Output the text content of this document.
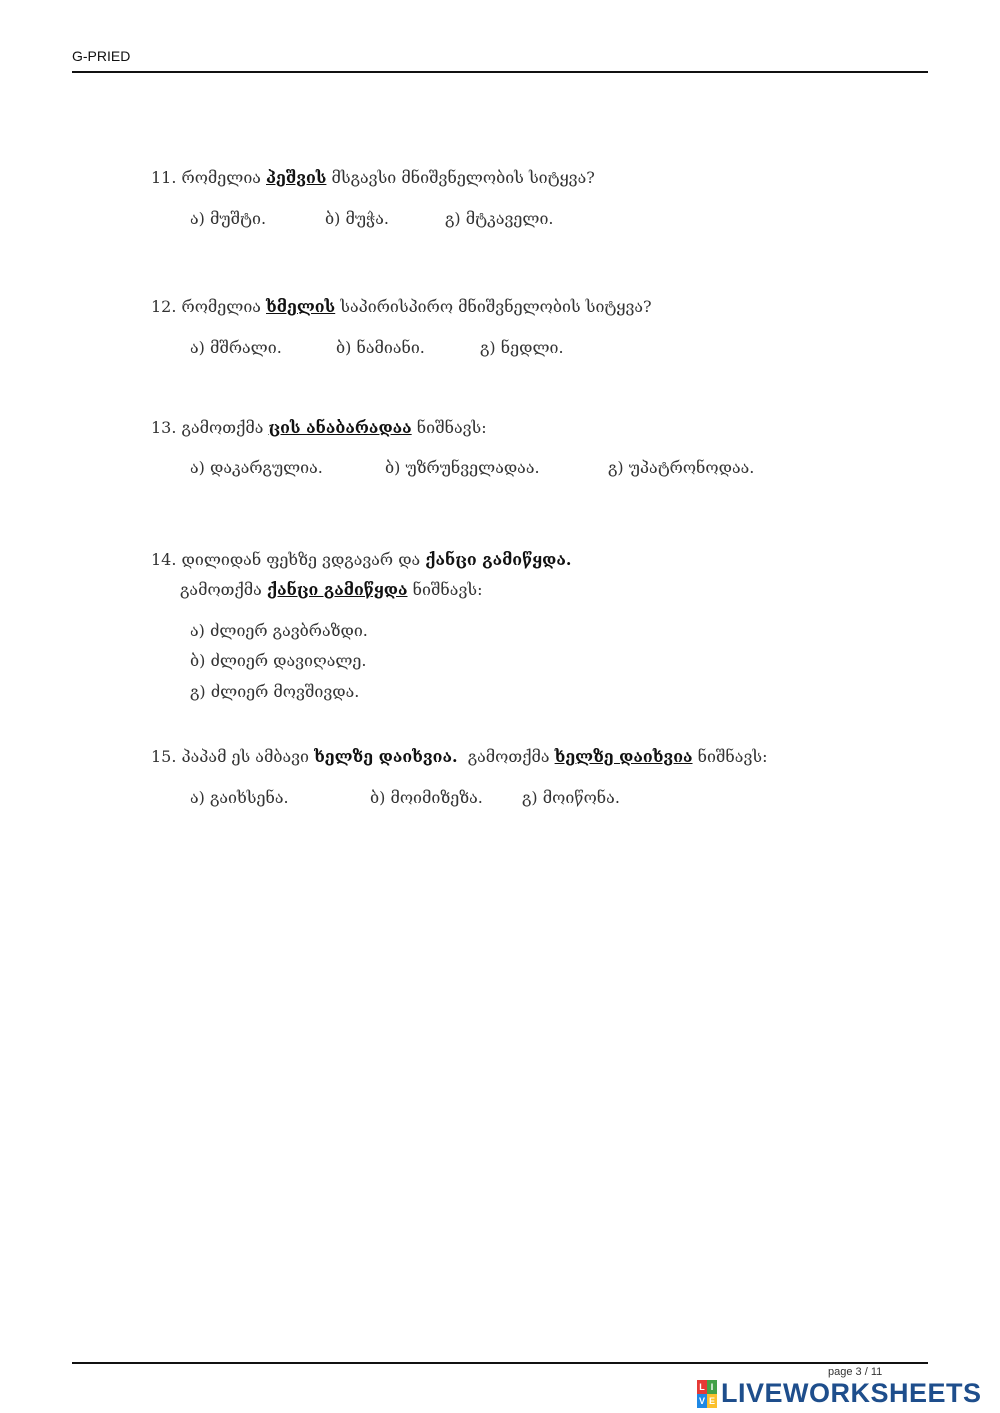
G-PRIED
11. რომელია პეშვის მსგავსი მნიშვნელობის სიტყვა?
ა) მუშტი.	ბ) მუჭა.	გ) მტკაველი.
12. რომელია ხმელის საპირისპირო მნიშვნელობის სიტყვა?
ა) მშრალი.	ბ) ნამიანი.	გ) ნედლი.
13. გამოთქმა ცის ანაბარადაა ნიშნავს:
ა) დაკარგულია.	ბ) უზრუნველადაა.	გ) უპატრონოდაა.
14. დილიდან ფეხზე ვდგავარ და ქანცი გამიწყდა.
გამოთქმა ქანცი გამიწყდა ნიშნავს:
ა) ძლიერ გავბრაზდი.
ბ) ძლიერ დავიღალე.
გ) ძლიერ მოვშივდა.
15. პაპამ ეს ამბავი ხელზე დაიხვია.  გამოთქმა ხელზე დაიხვია ნიშნავს:
ა) გაიხსენა.	ბ) მოიმიზეზა. გ) მოიწონა.
page 3 / 11
L I
V E LIVEWORKSHEETS
